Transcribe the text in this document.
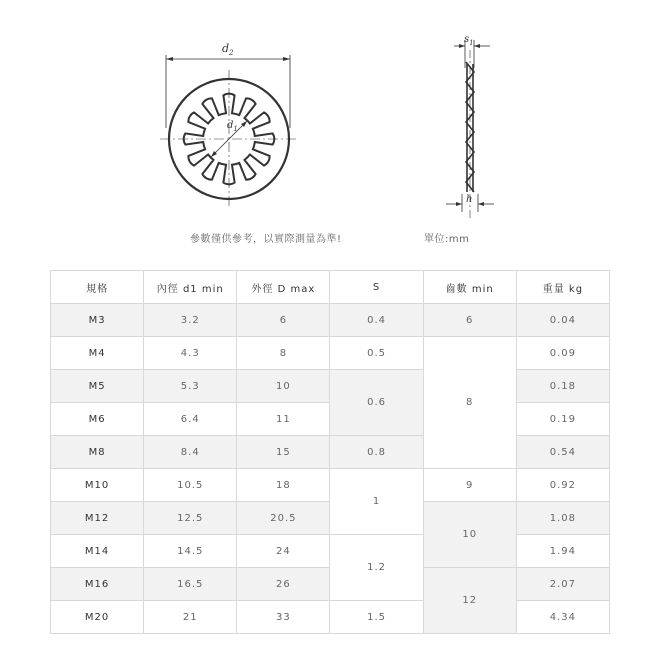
$d_2$
$d_1$
$s_1$
h
參數僅供參考，以實際測量為準!	單位:mm
規格	內徑 d1 min	外徑 D max	S	齒數 min	重量 kg
M3	3.2	6	0.4	6	0.04
M4	4.3	8	0.5	8	0.09
M5	5.3	10	0.6		0.18
M6	6.4	11			0.19
M8	8.4	15	0.8		0.54
M10	10.5	18	1	9	0.92
M12	12.5	20.5		10	1.08
M14	14.5	24	1.2		1.94
M16	16.5	26		12	2.07
M20	21	33	1.5		4.34
